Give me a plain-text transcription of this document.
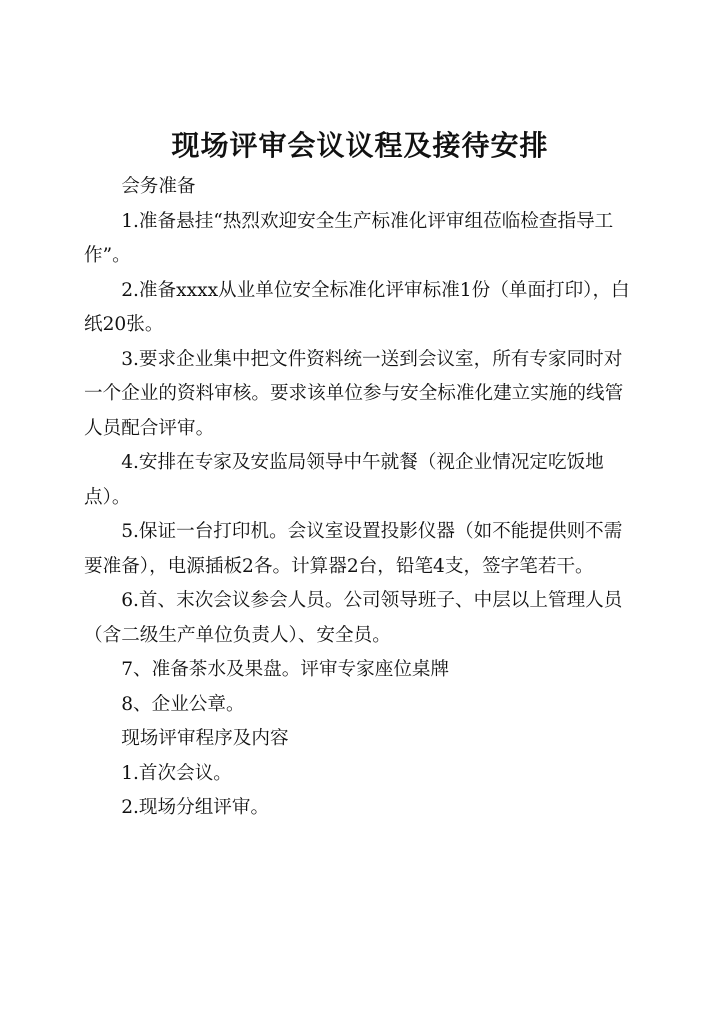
现场评审会议议程及接待安排

会务准备

1.准备悬挂“热烈欢迎安全生产标准化评审组莅临检查指导工作”。

2.准备xxxx从业单位安全标准化评审标准1份（单面打印），白纸20张。

3.要求企业集中把文件资料统一送到会议室，所有专家同时对一个企业的资料审核。要求该单位参与安全标准化建立实施的线管人员配合评审。

4.安排在专家及安监局领导中午就餐（视企业情况定吃饭地点）。

5.保证一台打印机。会议室设置投影仪器（如不能提供则不需要准备），电源插板2各。计算器2台，铅笔4支，签字笔若干。

6.首、末次会议参会人员。公司领导班子、中层以上管理人员（含二级生产单位负责人）、安全员。

7、准备茶水及果盘。评审专家座位桌牌

8、企业公章。

现场评审程序及内容

1.首次会议。

2.现场分组评审。
